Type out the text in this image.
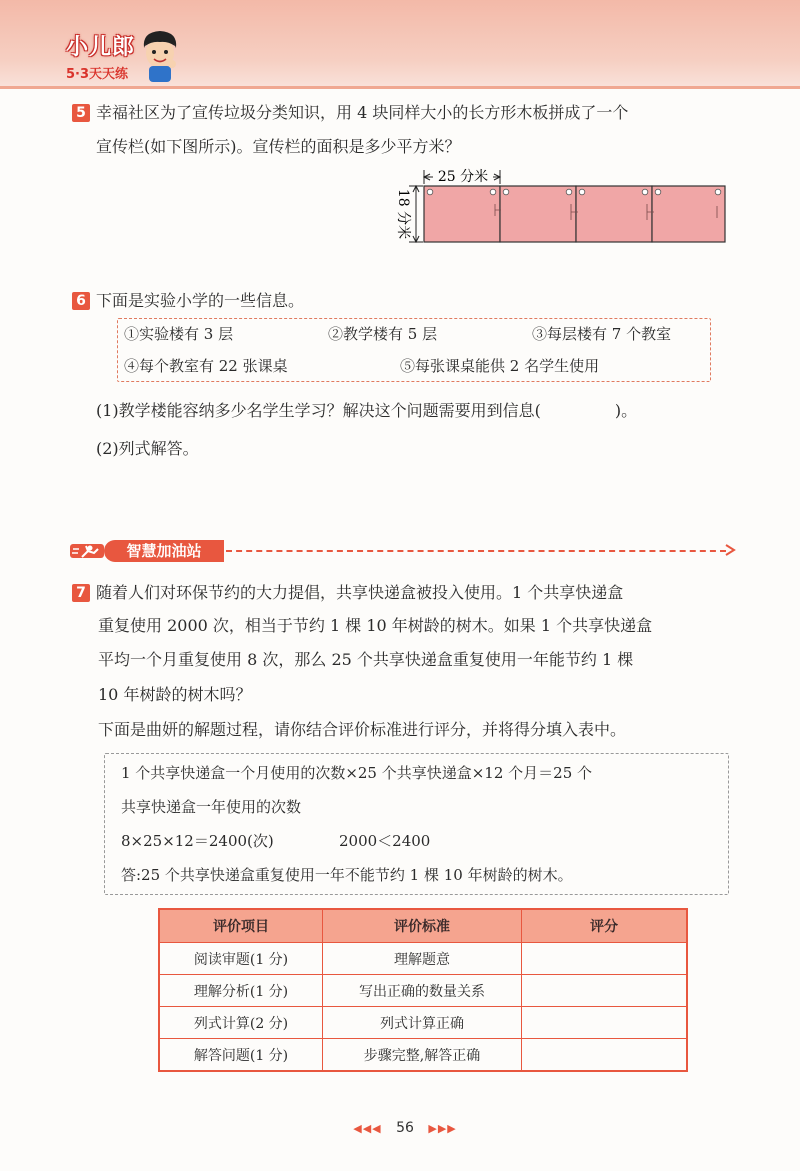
小儿郎
5·3天天练
5 幸福社区为了宣传垃圾分类知识，用 4 块同样大小的长方形木板拼成了一个
宣传栏(如下图所示)。宣传栏的面积是多少平方米？
25 分米
18 分米
6 下面是实验小学的一些信息。
①实验楼有 3 层	②教学楼有 5 层	③每层楼有 7 个教室
④每个教室有 22 张课桌	⑤每张课桌能供 2 名学生使用
(1)教学楼能容纳多少名学生学习？解决这个问题需要用到信息(	)。
(2)列式解答。
智慧加油站
7 随着人们对环保节约的大力提倡，共享快递盒被投入使用。1 个共享快递盒
重复使用 2000 次，相当于节约 1 棵 10 年树龄的树木。如果 1 个共享快递盒
平均一个月重复使用 8 次，那么 25 个共享快递盒重复使用一年能节约 1 棵
10 年树龄的树木吗？
下面是曲妍的解题过程，请你结合评价标准进行评分，并将得分填入表中。
1 个共享快递盒一个月使用的次数×25 个共享快递盒×12 个月＝25 个
共享快递盒一年使用的次数
8×25×12＝2400(次)	2000＜2400
答:25 个共享快递盒重复使用一年不能节约 1 棵 10 年树龄的树木。
评价项目	评价标准	评分
阅读审题(1 分)	理解题意	
理解分析(1 分)	写出正确的数量关系	
列式计算(2 分)	列式计算正确	
解答问题(1 分)	步骤完整,解答正确	
◀◀◀ 56 ▶▶▶
